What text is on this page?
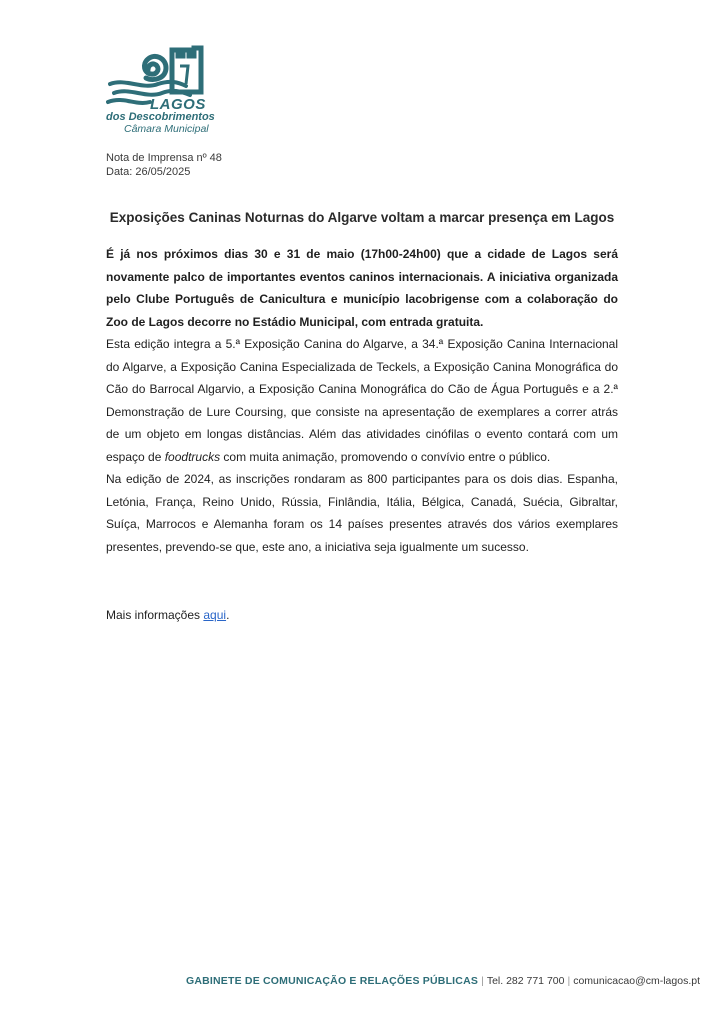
LAGOS
dos Descobrimentos
Câmara Municipal
Nota de Imprensa nº 48
Data: 26/05/2025
Exposições Caninas Noturnas do Algarve voltam a marcar presença em Lagos

É já nos próximos dias 30 e 31 de maio (17h00-24h00) que a cidade de Lagos será novamente palco de importantes eventos caninos internacionais. A iniciativa organizada pelo Clube Português de Canicultura e município lacobrigense com a colaboração do Zoo de Lagos decorre no Estádio Municipal, com entrada gratuita.

Esta edição integra a 5.ª Exposição Canina do Algarve, a 34.ª Exposição Canina Internacional do Algarve, a Exposição Canina Especializada de Teckels, a Exposição Canina Monográfica do Cão do Barrocal Algarvio, a Exposição Canina Monográfica do Cão de Água Português e a 2.ª Demonstração de Lure Coursing, que consiste na apresentação de exemplares a correr atrás de um objeto em longas distâncias. Além das atividades cinófilas o evento contará com um espaço de foodtrucks com muita animação, promovendo o convívio entre o público.

Na edição de 2024, as inscrições rondaram as 800 participantes para os dois dias. Espanha, Letónia, França, Reino Unido, Rússia, Finlândia, Itália, Bélgica, Canadá, Suécia, Gibraltar, Suíça, Marrocos e Alemanha foram os 14 países presentes através dos vários exemplares presentes, prevendo-se que, este ano, a iniciativa seja igualmente um sucesso.

Mais informações aqui.
GABINETE DE COMUNICAÇÃO E RELAÇÕES PÚBLICAS | Tel. 282 771 700 | comunicacao@cm-lagos.pt
